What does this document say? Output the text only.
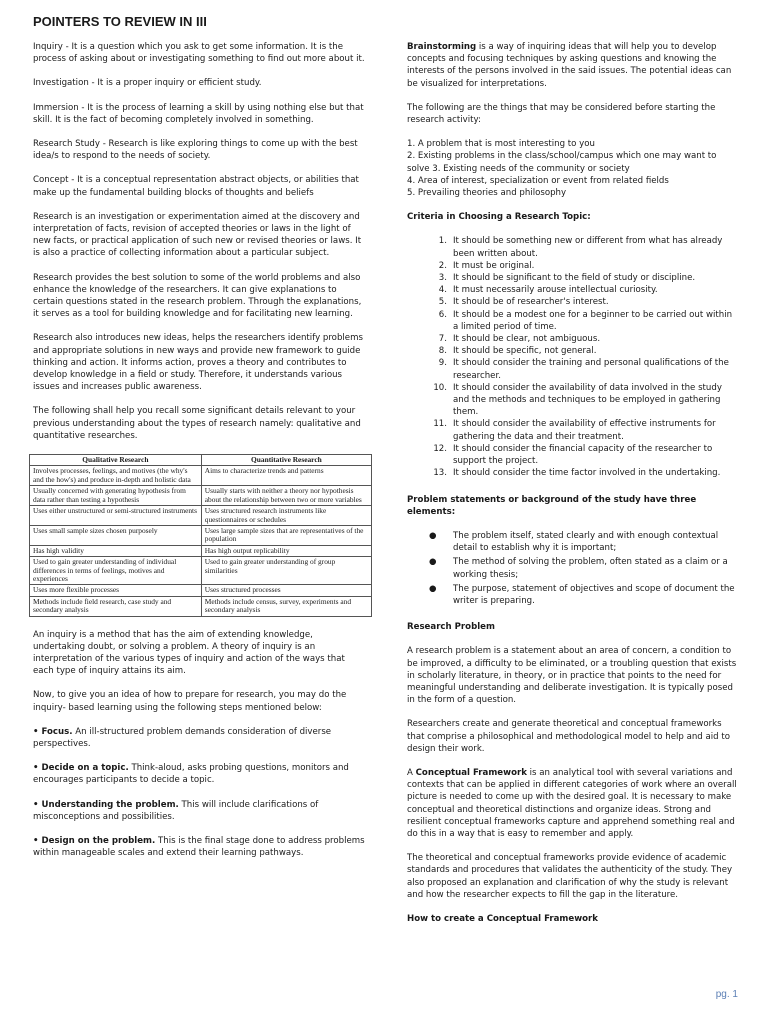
POINTERS TO REVIEW IN III

Inquiry - It is a question which you ask to get some information. It is the process of asking about or investigating something to find out more about it.

Investigation - It is a proper inquiry or efficient study.

Immersion - It is the process of learning a skill by using nothing else but that skill. It is the fact of becoming completely involved in something.

Research Study - Research is like exploring things to come up with the best idea/s to respond to the needs of society.

Concept - It is a conceptual representation abstract objects, or abilities that make up the fundamental building blocks of thoughts and beliefs

Research is an investigation or experimentation aimed at the discovery and interpretation of facts, revision of accepted theories or laws in the light of new facts, or practical application of such new or revised theories or laws. It is also a practice of collecting information about a particular subject.

Research provides the best solution to some of the world problems and also enhance the knowledge of the researchers. It can give explanations to certain questions stated in the research problem. Through the explanations, it serves as a tool for building knowledge and for facilitating new learning.

Research also introduces new ideas, helps the researchers identify problems and appropriate solutions in new ways and provide new framework to guide thinking and action. It informs action, proves a theory and contributes to develop knowledge in a field or study. Therefore, it understands various issues and increases public awareness.

The following shall help you recall some significant details relevant to your previous understanding about the types of research namely: qualitative and quantitative researches.

Qualitative Research	Quantitative Research
Involves processes, feelings, and motives (the why's and the how's) and produce in-depth and holistic data	Aims to characterize trends and patterns
Usually concerned with generating hypothesis from data rather than testing a hypothesis	Usually starts with neither a theory nor hypothesis about the relationship between two or more variables
Uses either unstructured or semi-structured instruments	Uses structured research instruments like questionnaires or schedules
Uses small sample sizes chosen purposely	Uses large sample sizes that are representatives of the population
Has high validity	Has high output replicability
Used to gain greater understanding of individual differences in terms of feelings, motives and experiences	Used to gain greater understanding of group similarities
Uses more flexible processes	Uses structured processes
Methods include field research, case study and secondary analysis	Methods include census, survey, experiments and secondary analysis

An inquiry is a method that has the aim of extending knowledge, undertaking doubt, or solving a problem. A theory of inquiry is an interpretation of the various types of inquiry and action of the ways that each type of inquiry attains its aim.

Now, to give you an idea of how to prepare for research, you may do the inquiry- based learning using the following steps mentioned below:

• Focus. An ill-structured problem demands consideration of diverse perspectives.

• Decide on a topic. Think-aloud, asks probing questions, monitors and encourages participants to decide a topic.

• Understanding the problem. This will include clarifications of misconceptions and possibilities.

• Design on the problem. This is the final stage done to address problems within manageable scales and extend their learning pathways.

Brainstorming is a way of inquiring ideas that will help you to develop concepts and focusing techniques by asking questions and knowing the interests of the persons involved in the said issues. The potential ideas can be visualized for interpretations.

The following are the things that may be considered before starting the research activity:

1. A problem that is most interesting to you
2. Existing problems in the class/school/campus which one may want to solve 3. Existing needs of the community or society
4. Area of interest, specialization or event from related fields
5. Prevailing theories and philosophy
Criteria in Choosing a Research Topic:
1. It should be something new or different from what has already been written about.
2. It must be original.
3. It should be significant to the field of study or discipline.
4. It must necessarily arouse intellectual curiosity.
5. It should be of researcher's interest.
6. It should be a modest one for a beginner to be carried out within a limited period of time.
7. It should be clear, not ambiguous.
8. It should be specific, not general.
9. It should consider the training and personal qualifications of the researcher.
10. It should consider the availability of data involved in the study and the methods and techniques to be employed in gathering them.
11. It should consider the availability of effective instruments for gathering the data and their treatment.
12. It should consider the financial capacity of the researcher to support the project.
13. It should consider the time factor involved in the undertaking.
Problem statements or background of the study have three elements:
●	The problem itself, stated clearly and with enough contextual detail to establish why it is important;
●	The method of solving the problem, often stated as a claim or a working thesis;
●	The purpose, statement of objectives and scope of document the writer is preparing.
Research Problem

A research problem is a statement about an area of concern, a condition to be improved, a difficulty to be eliminated, or a troubling question that exists in scholarly literature, in theory, or in practice that points to the need for meaningful understanding and deliberate investigation. It is typically posed in the form of a question.

Researchers create and generate theoretical and conceptual frameworks that comprise a philosophical and methodological model to help and aid to design their work.

A Conceptual Framework is an analytical tool with several variations and contexts that can be applied in different categories of work where an overall picture is needed to come up with the desired goal. It is necessary to make conceptual and theoretical distinctions and organize ideas. Strong and resilient conceptual frameworks capture and apprehend something real and do this in a way that is easy to remember and apply.

The theoretical and conceptual frameworks provide evidence of academic standards and procedures that validates the authenticity of the study. They also proposed an explanation and clarification of why the study is relevant and how the researcher expects to fill the gap in the literature.

How to create a Conceptual Framework
pg. 1
